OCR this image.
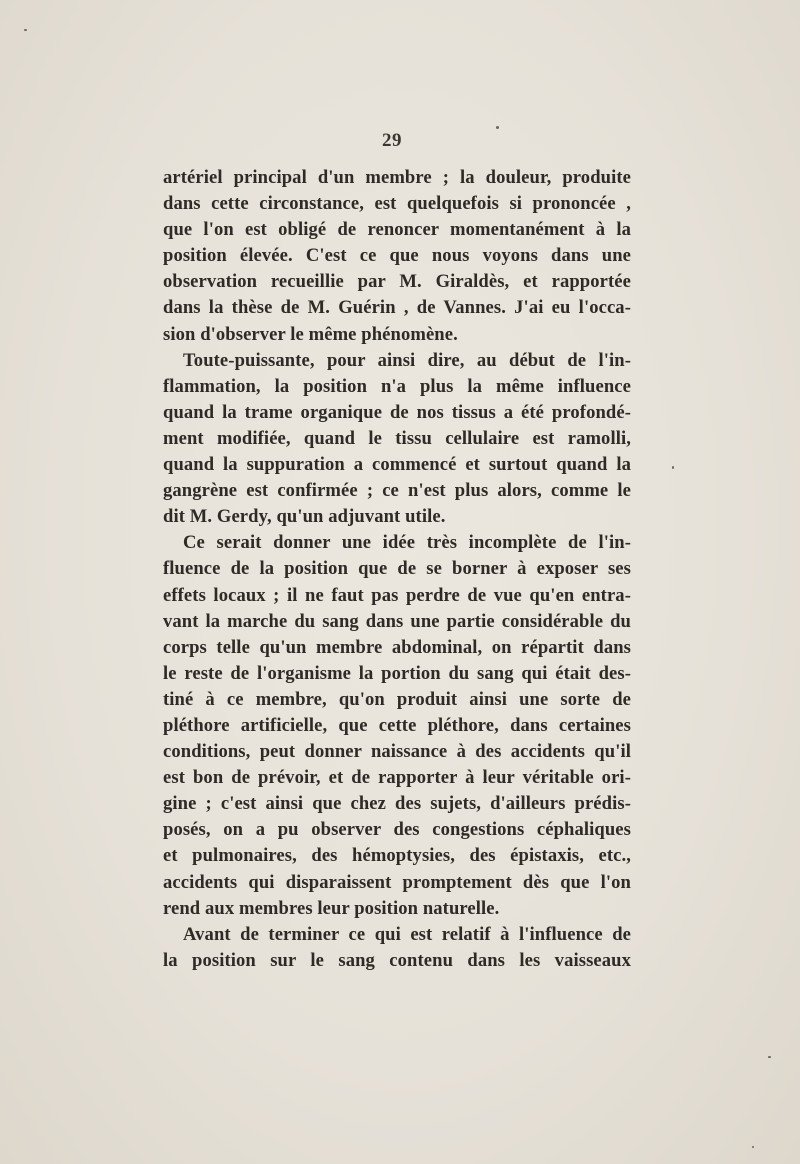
29
artériel principal d'un membre ; la douleur, produite
dans cette circonstance, est quelquefois si prononcée ,
que l'on est obligé de renoncer momentanément à la
position élevée. C'est ce que nous voyons dans une
observation recueillie par M. Giraldès, et rapportée
dans la thèse de M. Guérin , de Vannes. J'ai eu l'occa-
sion d'observer le même phénomène.
Toute-puissante, pour ainsi dire, au début de l'in-
flammation, la position n'a plus la même influence
quand la trame organique de nos tissus a été profondé-
ment modifiée, quand le tissu cellulaire est ramolli,
quand la suppuration a commencé et surtout quand la
gangrène est confirmée ; ce n'est plus alors, comme le
dit M. Gerdy, qu'un adjuvant utile.
Ce serait donner une idée très incomplète de l'in-
fluence de la position que de se borner à exposer ses
effets locaux ; il ne faut pas perdre de vue qu'en entra-
vant la marche du sang dans une partie considérable du
corps telle qu'un membre abdominal, on répartit dans
le reste de l'organisme la portion du sang qui était des-
tiné à ce membre, qu'on produit ainsi une sorte de
pléthore artificielle, que cette pléthore, dans certaines
conditions, peut donner naissance à des accidents qu'il
est bon de prévoir, et de rapporter à leur véritable ori-
gine ; c'est ainsi que chez des sujets, d'ailleurs prédis-
posés, on a pu observer des congestions céphaliques
et pulmonaires, des hémoptysies, des épistaxis, etc.,
accidents qui disparaissent promptement dès que l'on
rend aux membres leur position naturelle.
Avant de terminer ce qui est relatif à l'influence de
la position sur le sang contenu dans les vaisseaux
